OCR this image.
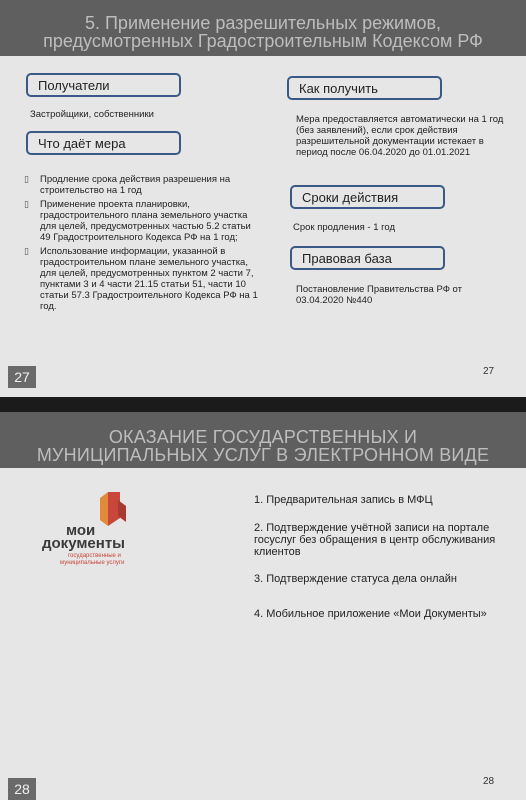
5. Применение разрешительных режимов,
предусмотренных Градостроительным Кодексом РФ
Получатели
Застройщики, собственники
Что даёт мера
▯ Продление срока действия разрешения на строительство на 1 год
▯ Применение проекта планировки, градостроительного плана земельного участка для целей, предусмотренных частью 5.2 статьи 49 Градостроительного Кодекса РФ на 1 год;
▯ Использование информации, указанной в градостроительном плане земельного участка, для целей, предусмотренных пунктом 2 части 7, пунктами 3 и 4 части 21.15 статьи 51, части 10 статьи 57.3 Градостроительного Кодекса РФ на 1 год.
Как получить
Мера предоставляется автоматически на 1 год (без заявлений), если срок действия разрешительной документации истекает в период после 06.04.2020 до 01.01.2021
Сроки действия
Срок продления - 1 год
Правовая база
Постановление Правительства РФ от 03.04.2020 №440
27	27
ОКАЗАНИЕ ГОСУДАРСТВЕННЫХ И
МУНИЦИПАЛЬНЫХ УСЛУГ В ЭЛЕКТРОННОМ ВИДЕ
мои
документы
государственные и
муниципальные услуги
1. Предварительная запись в МФЦ
2. Подтверждение учётной записи на портале госуслуг без обращения в центр обслуживания клиентов
3. Подтверждение статуса дела онлайн
4. Мобильное приложение «Мои Документы»
28	28
